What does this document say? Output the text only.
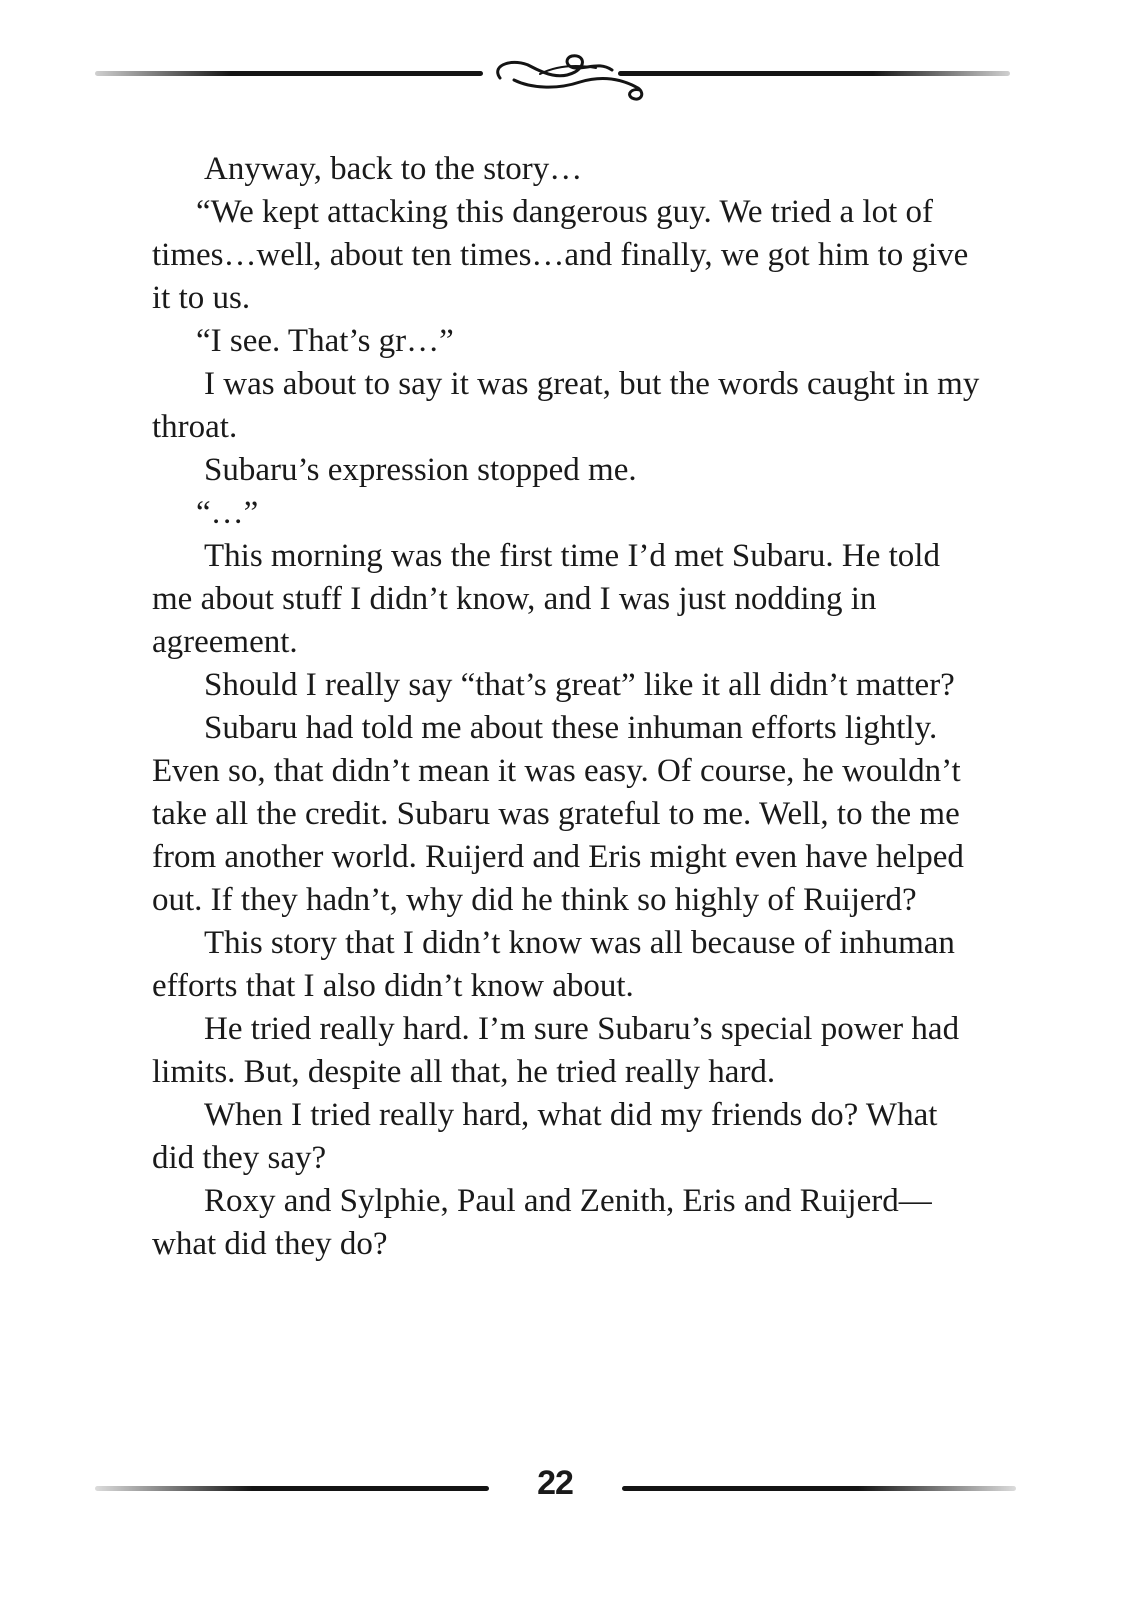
Anyway, back to the story…

“We kept attacking this dangerous guy. We tried a lot of times…well, about ten times…and finally, we got him to give it to us.

“I see. That’s gr…”

I was about to say it was great, but the words caught in my throat.

Subaru’s expression stopped me.

“…”

This morning was the first time I’d met Subaru. He told me about stuff I didn’t know, and I was just nodding in agreement.

Should I really say “that’s great” like it all didn’t matter?

Subaru had told me about these inhuman efforts lightly. Even so, that didn’t mean it was easy. Of course, he wouldn’t take all the credit. Subaru was grateful to me. Well, to the me from another world. Ruijerd and Eris might even have helped out. If they hadn’t, why did he think so highly of Ruijerd?

This story that I didn’t know was all because of inhuman efforts that I also didn’t know about.

He tried really hard. I’m sure Subaru’s special power had limits. But, despite all that, he tried really hard.

When I tried really hard, what did my friends do? What did they say?

Roxy and Sylphie, Paul and Zenith, Eris and Ruijerd—what did they do?

22
